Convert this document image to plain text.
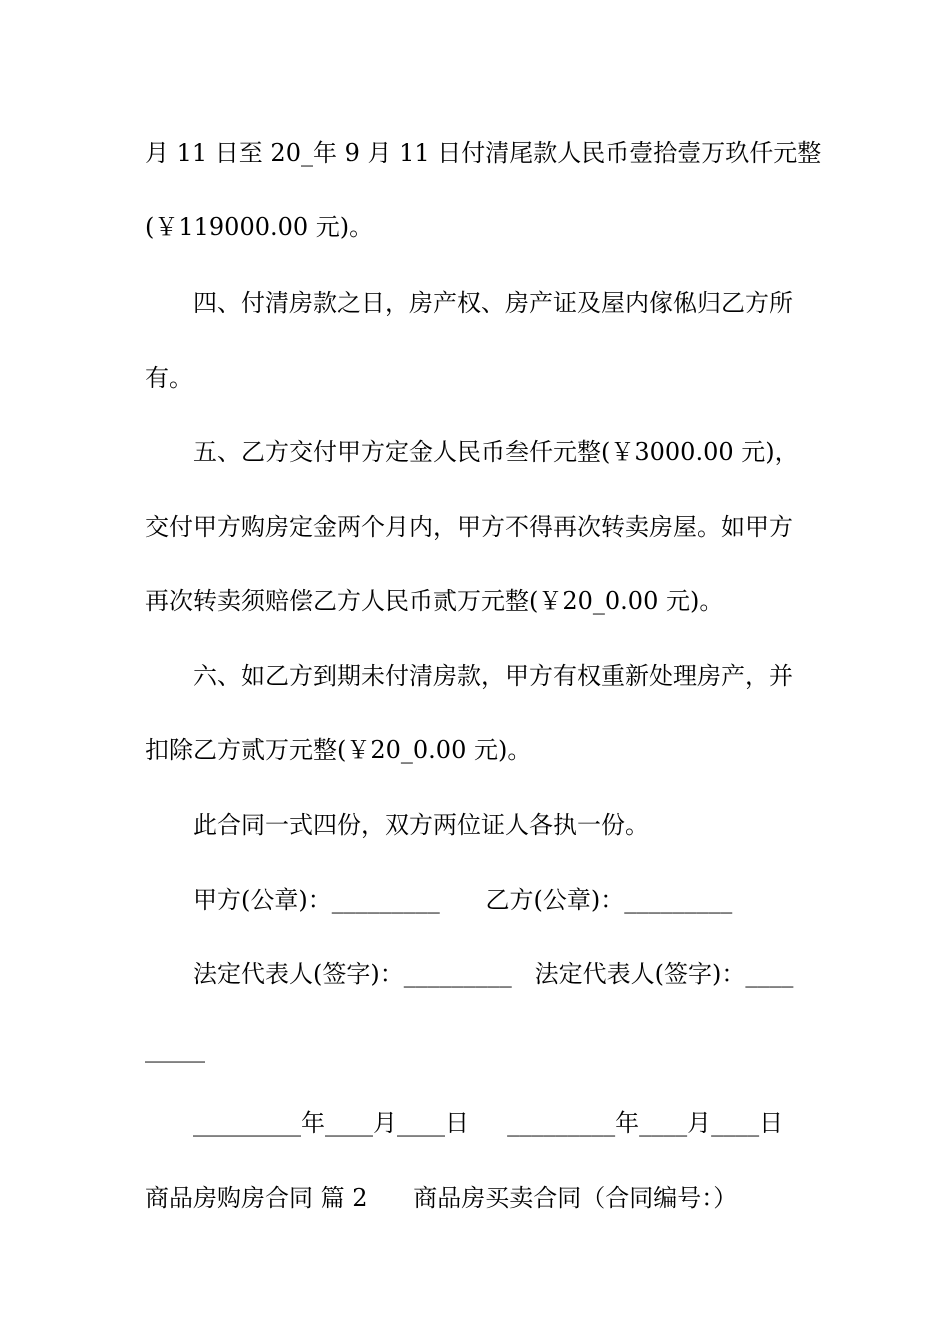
月 11 日至 20_年 9 月 11 日付清尾款人民币壹拾壹万玖仟元整
(￥119000.00 元)。
四、付清房款之日，房产权、房产证及屋内傢俬归乙方所
有。
五、乙方交付甲方定金人民币叁仟元整(￥3000.00 元)，
交付甲方购房定金两个月内，甲方不得再次转卖房屋。如甲方
再次转卖须赔偿乙方人民币贰万元整(￥20_0.00 元)。
六、如乙方到期未付清房款，甲方有权重新处理房产，并
扣除乙方贰万元整(￥20_0.00 元)。
此合同一式四份，双方两位证人各执一份。
甲方(公章)：_________      乙方(公章)：_________
法定代表人(签字)：_________   法定代表人(签字)：____
_____
_________年____月____日     _________年____月____日
商品房购房合同 篇 2      商品房买卖合同（合同编号：）
